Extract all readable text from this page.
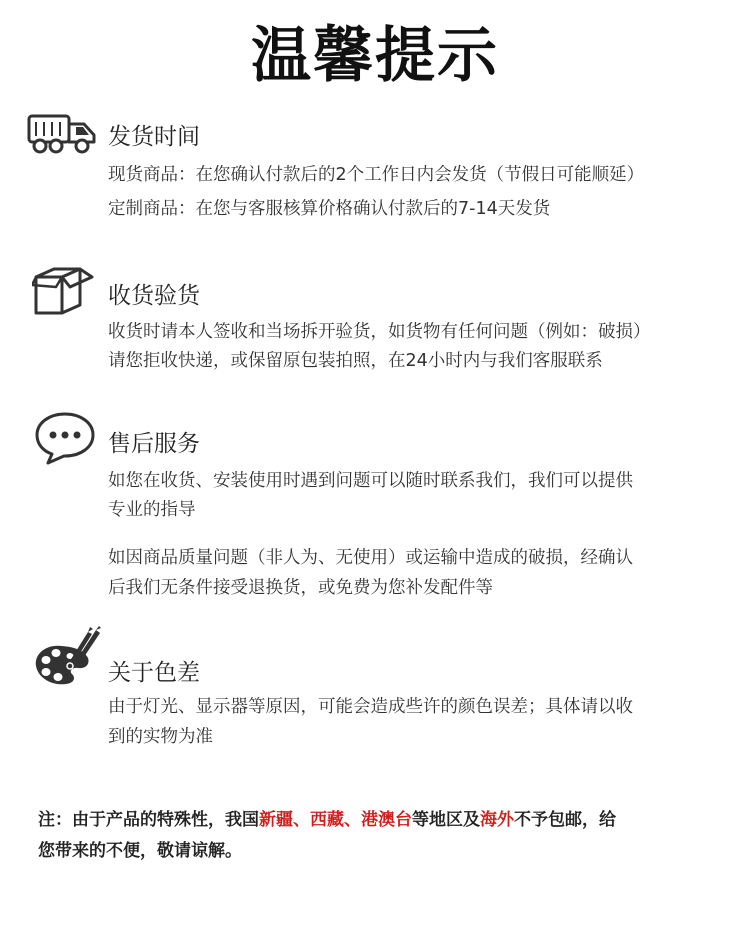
温馨提示
发货时间
现货商品：在您确认付款后的2个工作日内会发货（节假日可能顺延）
定制商品：在您与客服核算价格确认付款后的7-14天发货
收货验货
收货时请本人签收和当场拆开验货，如货物有任何问题（例如：破损）
请您拒收快递，或保留原包装拍照，在24小时内与我们客服联系
售后服务
如您在收货、安装使用时遇到问题可以随时联系我们，我们可以提供
专业的指导
如因商品质量问题（非人为、无使用）或运输中造成的破损，经确认
后我们无条件接受退换货，或免费为您补发配件等
关于色差
由于灯光、显示器等原因，可能会造成些许的颜色误差；具体请以收
到的实物为准
注：由于产品的特殊性，我国新疆、西藏、港澳台等地区及海外不予包邮，给
您带来的不便，敬请谅解。
